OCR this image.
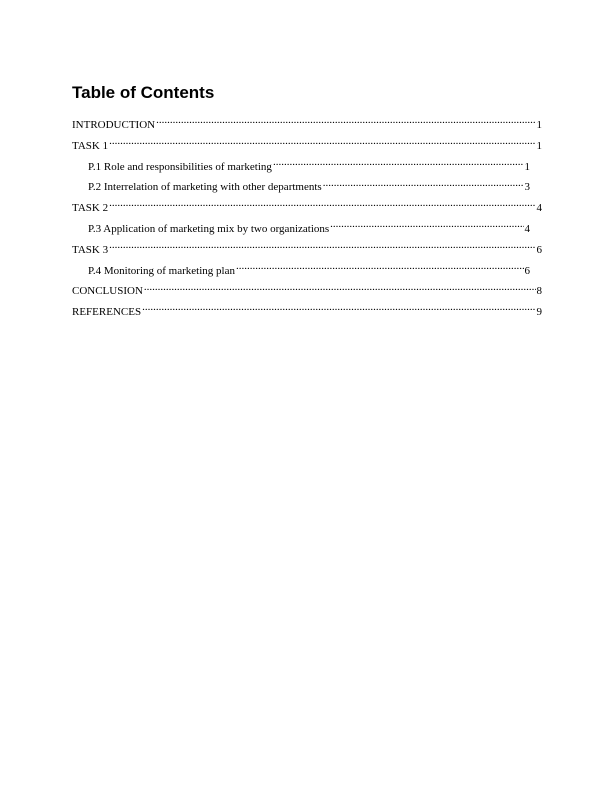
Table of Contents
INTRODUCTION .....	1
TASK 1 .....	1
P.1 Role and responsibilities of marketing .....	1
P.2 Interrelation of marketing with other departments .....	3
TASK 2 .....	4
P.3 Application of marketing mix by two organizations .....	4
TASK 3 .....	6
P.4 Monitoring of marketing plan .....	6
CONCLUSION .....	8
REFERENCES .....	9
